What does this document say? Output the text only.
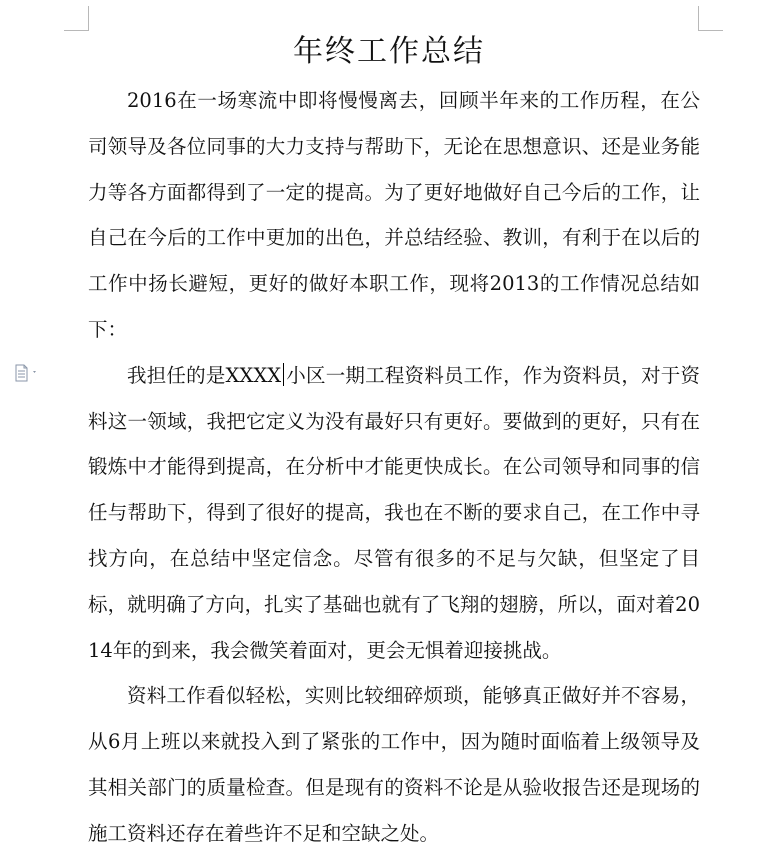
年终工作总结

2016在一场寒流中即将慢慢离去，回顾半年来的工作历程，在公司领导及各位同事的大力支持与帮助下，无论在思想意识、还是业务能力等各方面都得到了一定的提高。为了更好地做好自己今后的工作，让自己在今后的工作中更加的出色，并总结经验、教训，有利于在以后的工作中扬长避短，更好的做好本职工作，现将2013的工作情况总结如下：

我担任的是XXXX 小区一期工程资料员工作，作为资料员，对于资料这一领域，我把它定义为没有最好只有更好。要做到的更好，只有在锻炼中才能得到提高，在分析中才能更快成长。在公司领导和同事的信任与帮助下，得到了很好的提高，我也在不断的要求自己，在工作中寻找方向，在总结中坚定信念。尽管有很多的不足与欠缺，但坚定了目标，就明确了方向，扎实了基础也就有了飞翔的翅膀，所以，面对着2014年的到来，我会微笑着面对，更会无惧着迎接挑战。

资料工作看似轻松，实则比较细碎烦琐，能够真正做好并不容易，从6月上班以来就投入到了紧张的工作中，因为随时面临着上级领导及其相关部门的质量检查。但是现有的资料不论是从验收报告还是现场的施工资料还存在着些许不足和空缺之处。
